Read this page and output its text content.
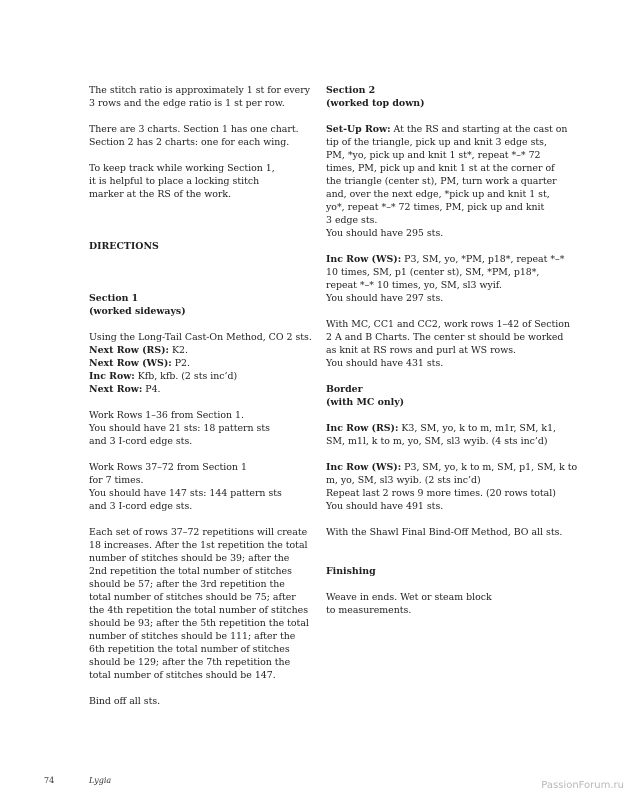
The stitch ratio is approximately 1 st for every
3 rows and the edge ratio is 1 st per row.
There are 3 charts. Section 1 has one chart.
Section 2 has 2 charts: one for each wing.
To keep track while working Section 1,
it is helpful to place a locking stitch
marker at the RS of the work.
DIRECTIONS
Section 1
(worked sideways)
Using the Long-Tail Cast-On Method, CO 2 sts.
Next Row (RS): K2.
Next Row (WS): P2.
Inc Row: Kfb, kfb. (2 sts inc’d)
Next Row: P4.
Work Rows 1–36 from Section 1.
You should have 21 sts: 18 pattern sts
and 3 I-cord edge sts.
Work Rows 37–72 from Section 1
for 7 times.
You should have 147 sts: 144 pattern sts
and 3 I-cord edge sts.
Each set of rows 37–72 repetitions will create
18 increases. After the 1st repetition the total
number of stitches should be 39; after the
2nd repetition the total number of stitches
should be 57; after the 3rd repetition the
total number of stitches should be 75; after
the 4th repetition the total number of stitches
should be 93; after the 5th repetition the total
number of stitches should be 111; after the
6th repetition the total number of stitches
should be 129; after the 7th repetition the
total number of stitches should be 147.
Bind off all sts.
Section 2
(worked top down)
Set-Up Row: At the RS and starting at the cast on
tip of the triangle, pick up and knit 3 edge sts,
PM, *yo, pick up and knit 1 st*, repeat *–* 72
times, PM, pick up and knit 1 st at the corner of
the triangle (center st), PM, turn work a quarter
and, over the next edge, *pick up and knit 1 st,
yo*, repeat *–* 72 times, PM, pick up and knit
3 edge sts.
You should have 295 sts.
Inc Row (WS): P3, SM, yo, *PM, p18*, repeat *–*
10 times, SM, p1 (center st), SM, *PM, p18*,
repeat *–* 10 times, yo, SM, sl3 wyif.
You should have 297 sts.
With MC, CC1 and CC2, work rows 1–42 of Section
2 A and B Charts. The center st should be worked
as knit at RS rows and purl at WS rows.
You should have 431 sts.
Border
(with MC only)
Inc Row (RS): K3, SM, yo, k to m, m1r, SM, k1,
SM, m1l, k to m, yo, SM, sl3 wyib. (4 sts inc’d)
Inc Row (WS): P3, SM, yo, k to m, SM, p1, SM, k to
m, yo, SM, sl3 wyib. (2 sts inc’d)
Repeat last 2 rows 9 more times. (20 rows total)
You should have 491 sts.
With the Shawl Final Bind-Off Method, BO all sts.
Finishing
Weave in ends. Wet or steam block
to measurements.
74	Lygia	PassionForum.ru
